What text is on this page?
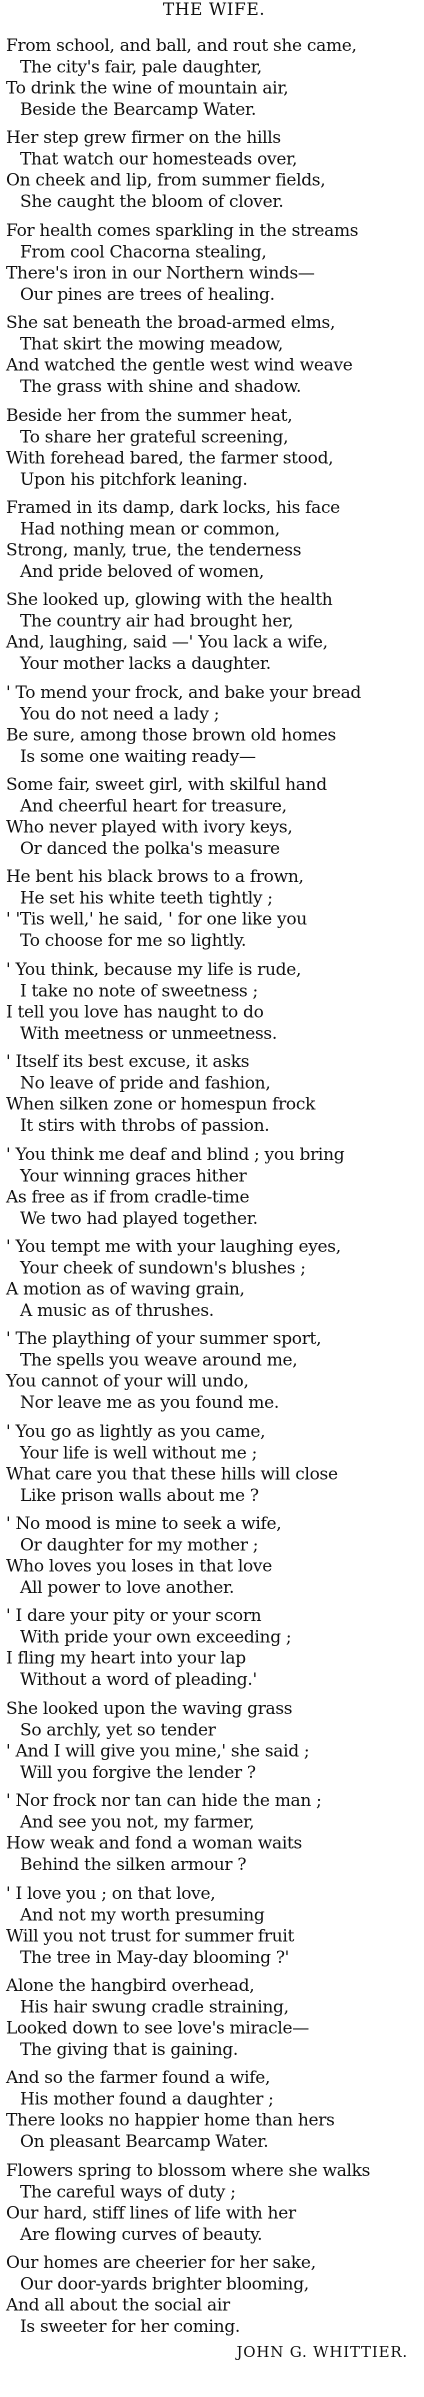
THE WIFE.
From school, and ball, and rout she came,
The city's fair, pale daughter,
To drink the wine of mountain air,
Beside the Bearcamp Water.
Her step grew firmer on the hills
That watch our homesteads over,
On cheek and lip, from summer fields,
She caught the bloom of clover.
For health comes sparkling in the streams
From cool Chacorna stealing,
There's iron in our Northern winds—
Our pines are trees of healing.
She sat beneath the broad-armed elms,
That skirt the mowing meadow,
And watched the gentle west wind weave
The grass with shine and shadow.
Beside her from the summer heat,
To share her grateful screening,
With forehead bared, the farmer stood,
Upon his pitchfork leaning.
Framed in its damp, dark locks, his face
Had nothing mean or common,
Strong, manly, true, the tenderness
And pride beloved of women,
She looked up, glowing with the health
The country air had brought her,
And, laughing, said —' You lack a wife,
Your mother lacks a daughter.
' To mend your frock, and bake your bread
You do not need a lady ;
Be sure, among those brown old homes
Is some one waiting ready—
Some fair, sweet girl, with skilful hand
And cheerful heart for treasure,
Who never played with ivory keys,
Or danced the polka's measure
He bent his black brows to a frown,
He set his white teeth tightly ;
' 'Tis well,' he said, ' for one like you
To choose for me so lightly.
' You think, because my life is rude,
I take no note of sweetness ;
I tell you love has naught to do
With meetness or unmeetness.
' Itself its best excuse, it asks
No leave of pride and fashion,
When silken zone or homespun frock
It stirs with throbs of passion.
' You think me deaf and blind ; you bring
Your winning graces hither
As free as if from cradle-time
We two had played together.
' You tempt me with your laughing eyes,
Your cheek of sundown's blushes ;
A motion as of waving grain,
A music as of thrushes.
' The plaything of your summer sport,
The spells you weave around me,
You cannot of your will undo,
Nor leave me as you found me.
' You go as lightly as you came,
Your life is well without me ;
What care you that these hills will close
Like prison walls about me ?
' No mood is mine to seek a wife,
Or daughter for my mother ;
Who loves you loses in that love
All power to love another.
' I dare your pity or your scorn
With pride your own exceeding ;
I fling my heart into your lap
Without a word of pleading.'
She looked upon the waving grass
So archly, yet so tender
' And I will give you mine,' she said ;
Will you forgive the lender ?
' Nor frock nor tan can hide the man ;
And see you not, my farmer,
How weak and fond a woman waits
Behind the silken armour ?
' I love you ; on that love,
And not my worth presuming
Will you not trust for summer fruit
The tree in May-day blooming ?'
Alone the hangbird overhead,
His hair swung cradle straining,
Looked down to see love's miracle—
The giving that is gaining.
And so the farmer found a wife,
His mother found a daughter ;
There looks no happier home than hers
On pleasant Bearcamp Water.
Flowers spring to blossom where she walks
The careful ways of duty ;
Our hard, stiff lines of life with her
Are flowing curves of beauty.
Our homes are cheerier for her sake,
Our door-yards brighter blooming,
And all about the social air
Is sweeter for her coming.
JOHN G. WHITTIER.
